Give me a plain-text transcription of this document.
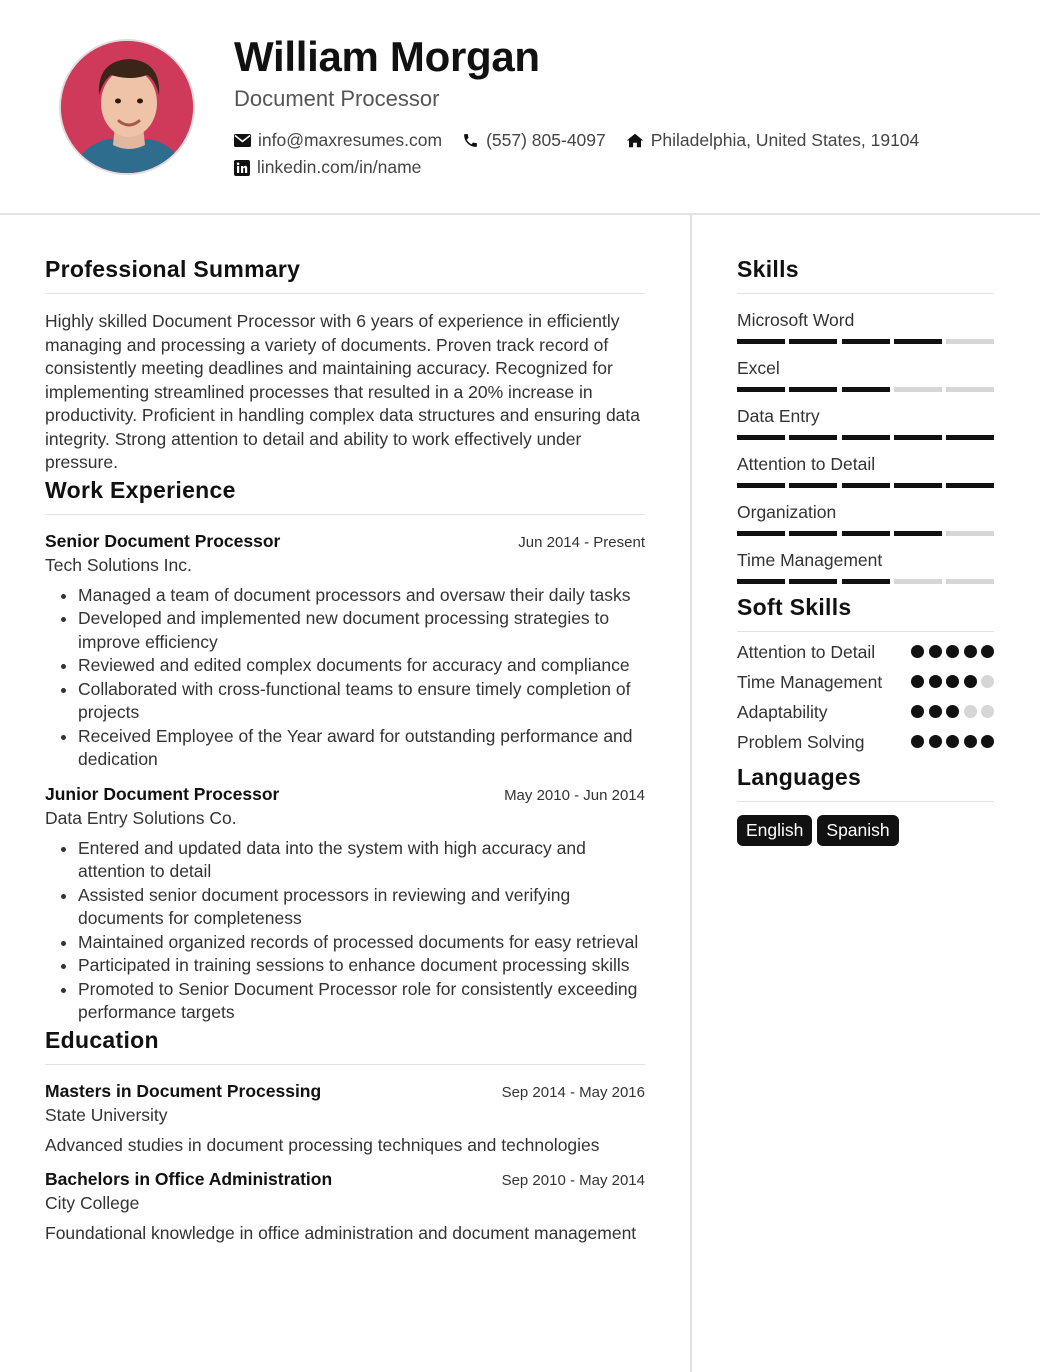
William Morgan
Document Processor
info@maxresumes.com	(557) 805-4097	Philadelphia, United States, 19104
linkedin.com/in/name
Professional Summary

Highly skilled Document Processor with 6 years of experience in efficiently managing and processing a variety of documents. Proven track record of consistently meeting deadlines and maintaining accuracy. Recognized for implementing streamlined processes that resulted in a 20% increase in productivity. Proficient in handling complex data structures and ensuring data integrity. Strong attention to detail and ability to work effectively under pressure.

Work Experience
Senior Document Processor	Jun 2014 - Present
Tech Solutions Inc.
• Managed a team of document processors and oversaw their daily tasks
• Developed and implemented new document processing strategies to improve efficiency
• Reviewed and edited complex documents for accuracy and compliance
• Collaborated with cross-functional teams to ensure timely completion of projects
• Received Employee of the Year award for outstanding performance and dedication
Junior Document Processor	May 2010 - Jun 2014
Data Entry Solutions Co.
• Entered and updated data into the system with high accuracy and attention to detail
• Assisted senior document processors in reviewing and verifying documents for completeness
• Maintained organized records of processed documents for easy retrieval
• Participated in training sessions to enhance document processing skills
• Promoted to Senior Document Processor role for consistently exceeding performance targets
Education
Masters in Document Processing	Sep 2014 - May 2016
State University

Advanced studies in document processing techniques and technologies

Bachelors in Office Administration	Sep 2010 - May 2014
City College

Foundational knowledge in office administration and document management

Skills
Microsoft Word
Excel
Data Entry
Attention to Detail
Organization
Time Management
Soft Skills
Attention to Detail
Time Management
Adaptability
Problem Solving
Languages
English	Spanish
